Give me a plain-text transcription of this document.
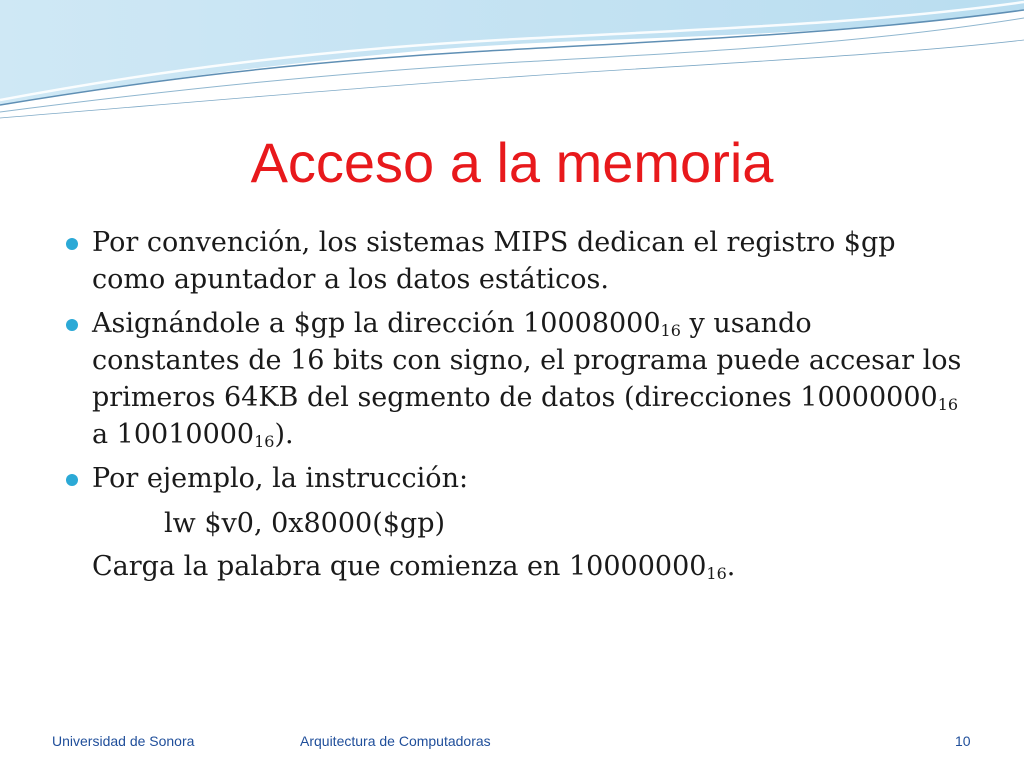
Acceso a la memoria
Por convención, los sistemas MIPS dedican el registro $gp como apuntador a los datos estáticos.
Asignándole a $gp la dirección $10008000_{16}$ y usando constantes de 16 bits con signo, el programa puede accesar los primeros 64KB del segmento de datos (direcciones $10000000_{16}$ a $10010000_{16}$).
Por ejemplo, la instrucción:
lw $v0, 0x8000($gp)
Carga la palabra que comienza en $10000000_{16}$.
Universidad de Sonora	Arquitectura de Computadoras	10
